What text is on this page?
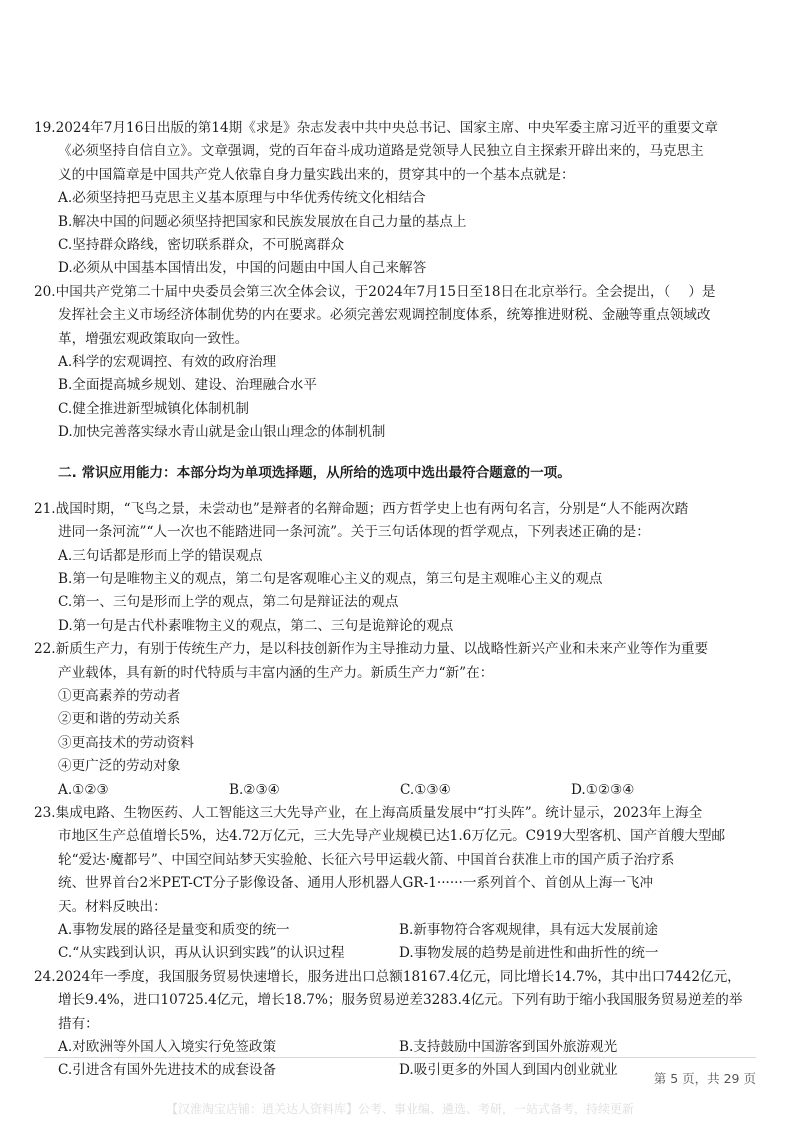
19.2024年7月16日出版的第14期《求是》杂志发表中共中央总书记、国家主席、中央军委主席习近平的重要文章
《必须坚持自信自立》。文章强调，党的百年奋斗成功道路是党领导人民独立自主探索开辟出来的，马克思主
义的中国篇章是中国共产党人依靠自身力量实践出来的，贯穿其中的一个基本点就是：
A.必须坚持把马克思主义基本原理与中华优秀传统文化相结合
B.解决中国的问题必须坚持把国家和民族发展放在自己力量的基点上
C.坚持群众路线，密切联系群众，不可脱离群众
D.必须从中国基本国情出发，中国的问题由中国人自己来解答
20.中国共产党第二十届中央委员会第三次全体会议，于2024年7月15日至18日在北京举行。全会提出，（　 ）是
发挥社会主义市场经济体制优势的内在要求。必须完善宏观调控制度体系，统筹推进财税、金融等重点领域改
革，增强宏观政策取向一致性。
A.科学的宏观调控、有效的政府治理
B.全面提高城乡规划、建设、治理融合水平
C.健全推进新型城镇化体制机制
D.加快完善落实绿水青山就是金山银山理念的体制机制
二. 常识应用能力：本部分均为单项选择题，从所给的选项中选出最符合题意的一项。
21.战国时期，“飞鸟之景，未尝动也”是辩者的名辩命题；西方哲学史上也有两句名言，分别是“人不能两次踏
进同一条河流”“人一次也不能踏进同一条河流”。关于三句话体现的哲学观点，下列表述正确的是：
A.三句话都是形而上学的错误观点
B.第一句是唯物主义的观点，第二句是客观唯心主义的观点，第三句是主观唯心主义的观点
C.第一、三句是形而上学的观点，第二句是辩证法的观点
D.第一句是古代朴素唯物主义的观点，第二、三句是诡辩论的观点
22.新质生产力，有别于传统生产力，是以科技创新作为主导推动力量、以战略性新兴产业和未来产业等作为重要
产业载体，具有新的时代特质与丰富内涵的生产力。新质生产力“新”在：
①更高素养的劳动者
②更和谐的劳动关系
③更高技术的劳动资料
④更广泛的劳动对象
A.①②③	B.②③④	C.①③④	D.①②③④
23.集成电路、生物医药、人工智能这三大先导产业，在上海高质量发展中“打头阵”。统计显示，2023年上海全
市地区生产总值增长5%，达4.72万亿元，三大先导产业规模已达1.6万亿元。C919大型客机、国产首艘大型邮
轮“爱达·魔都号”、中国空间站梦天实验舱、长征六号甲运载火箭、中国首台获准上市的国产质子治疗系
统、世界首台2米PET-CT分子影像设备、通用人形机器人GR-1······一系列首个、首创从上海一飞冲
天。材料反映出：
A.事物发展的路径是量变和质变的统一	B.新事物符合客观规律，具有远大发展前途
C.“从实践到认识，再从认识到实践”的认识过程	D.事物发展的趋势是前进性和曲折性的统一
24.2024年一季度，我国服务贸易快速增长，服务进出口总额18167.4亿元，同比增长14.7%，其中出口7442亿元，
增长9.4%，进口10725.4亿元，增长18.7%；服务贸易逆差3283.4亿元。下列有助于缩小我国服务贸易逆差的举
措有：
A.对欧洲等外国人入境实行免签政策	B.支持鼓励中国游客到国外旅游观光
C.引进含有国外先进技术的成套设备	D.吸引更多的外国人到国内创业就业
第 5 页，共 29 页
【汉淮淘宝店铺：逍关达人资料库】公考、事业编、遴选、考研，一站式备考，持续更新
